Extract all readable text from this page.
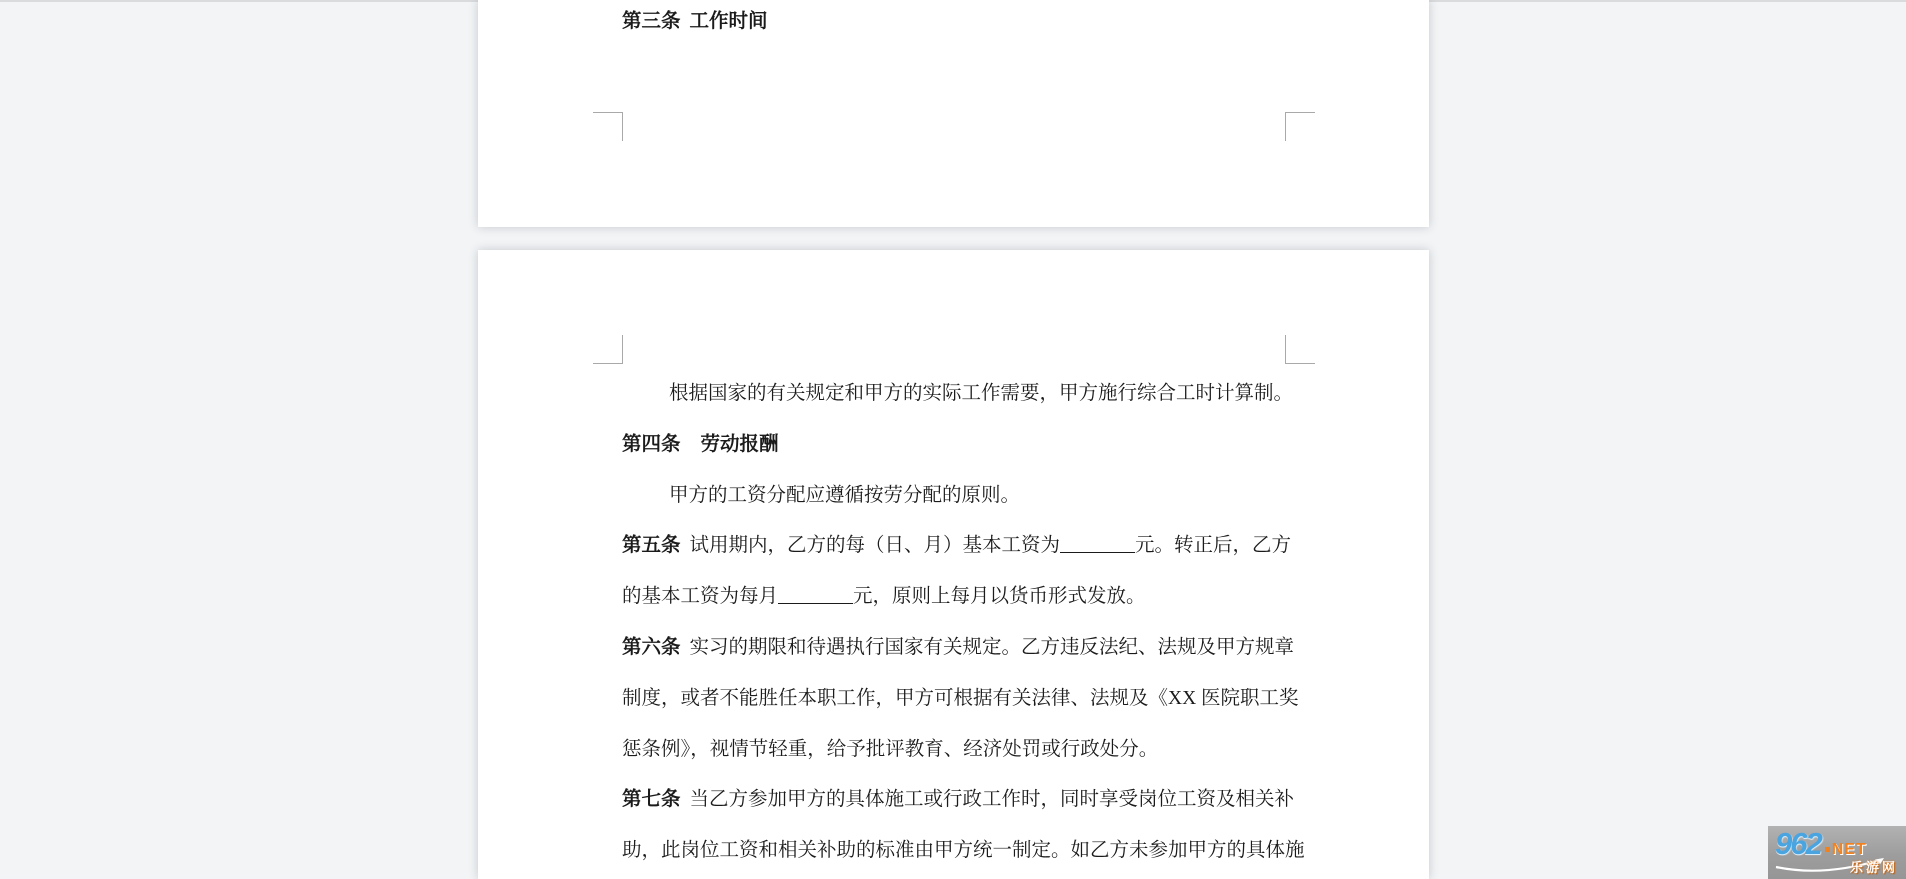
第三条 工作时间
根据国家的有关规定和甲方的实际工作需要，甲方施行综合工时计算制。
第四条 劳动报酬
甲方的工资分配应遵循按劳分配的原则。
第五条 试用期内，乙方的每（日、月）基本工资为	元。转正后，乙方
的基本工资为每月	元，原则上每月以货币形式发放。
第六条 实习的期限和待遇执行国家有关规定。乙方违反法纪、法规及甲方规章
制度，或者不能胜任本职工作，甲方可根据有关法律、法规及《XX 医院职工奖
惩条例》，视情节轻重，给予批评教育、经济处罚或行政处分。
第七条 当乙方参加甲方的具体施工或行政工作时，同时享受岗位工资及相关补
助，此岗位工资和相关补助的标准由甲方统一制定。如乙方未参加甲方的具体施	962 NET
乐游网
